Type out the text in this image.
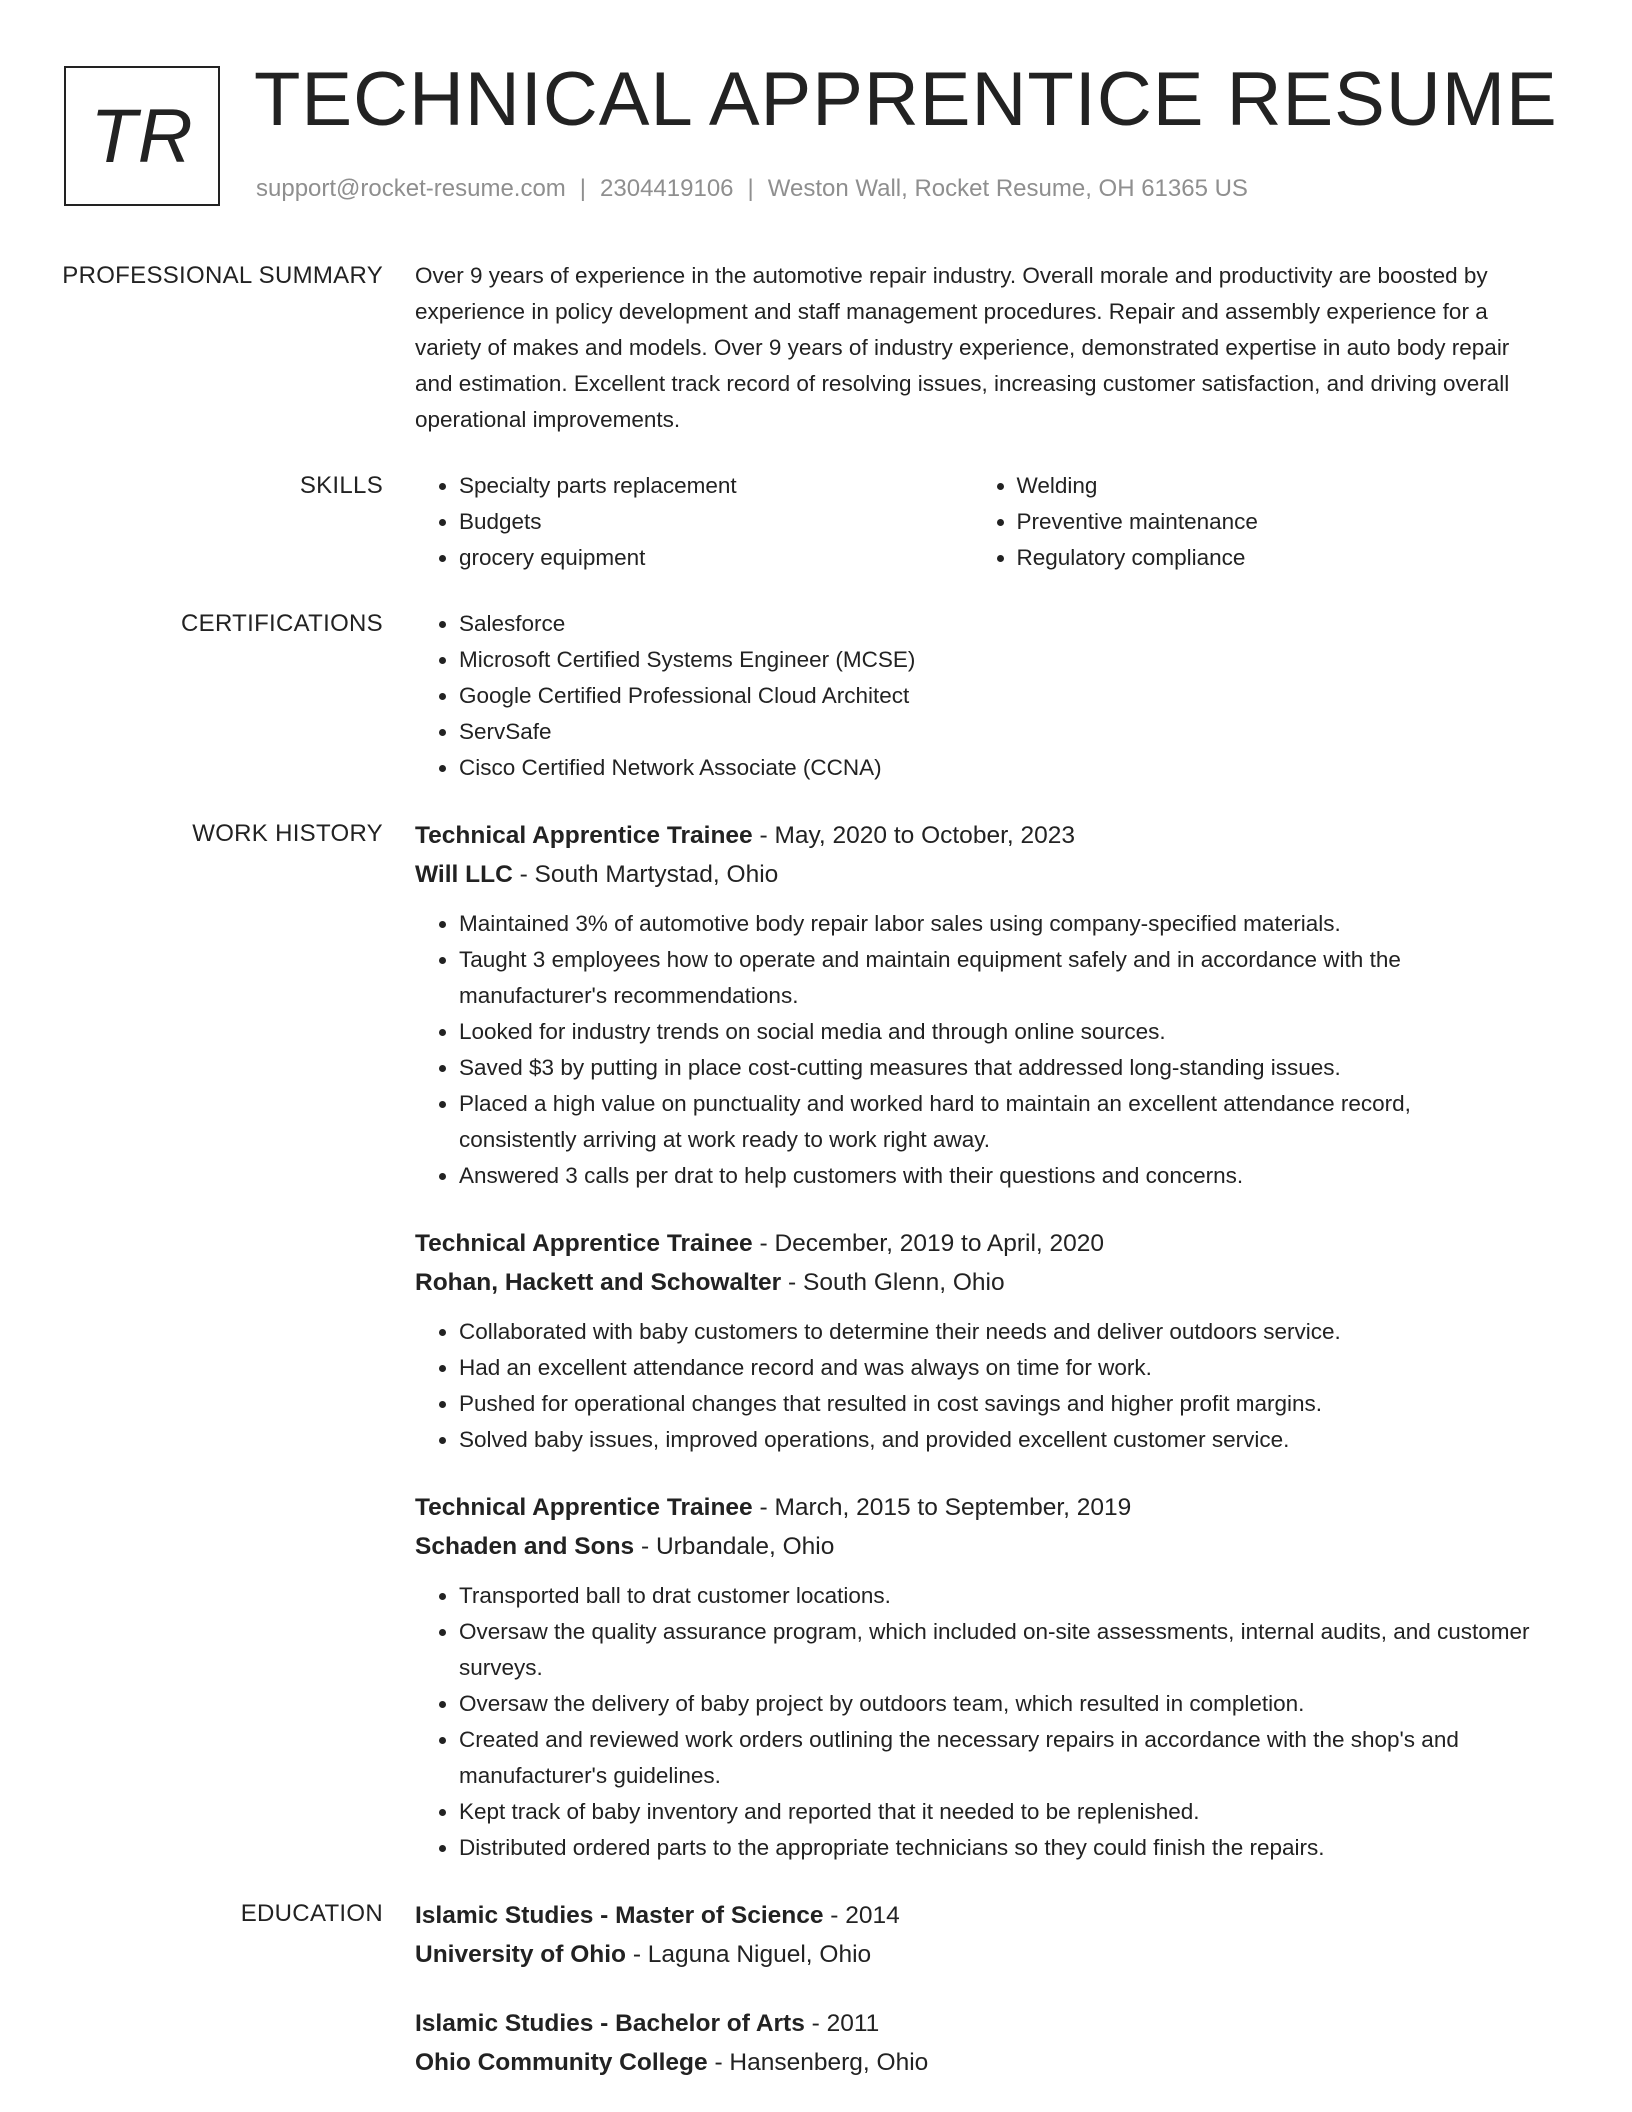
TR TECHNICAL APPRENTICE RESUME
support@rocket-resume.com | 2304419106 | Weston Wall, Rocket Resume, OH 61365 US
PROFESSIONAL SUMMARY	Over 9 years of experience in the automotive repair industry. Overall morale and productivity are boosted by experience in policy development and staff management procedures. Repair and assembly experience for a variety of makes and models. Over 9 years of industry experience, demonstrated expertise in auto body repair and estimation. Excellent track record of resolving issues, increasing customer satisfaction, and driving overall operational improvements.

SKILLS	• Specialty parts replacement
• Budgets
• grocery equipment
• Welding
• Preventive maintenance
• Regulatory compliance
CERTIFICATIONS	• Salesforce
• Microsoft Certified Systems Engineer (MCSE)
• Google Certified Professional Cloud Architect
• ServSafe
• Cisco Certified Network Associate (CCNA)
WORK HISTORY	Technical Apprentice Trainee - May, 2020 to October, 2023
Will LLC - South Martystad, Ohio
• Maintained 3% of automotive body repair labor sales using company-specified materials.
• Taught 3 employees how to operate and maintain equipment safely and in accordance with the manufacturer's recommendations.
• Looked for industry trends on social media and through online sources.
• Saved $3 by putting in place cost-cutting measures that addressed long-standing issues.
• Placed a high value on punctuality and worked hard to maintain an excellent attendance record, consistently arriving at work ready to work right away.
• Answered 3 calls per drat to help customers with their questions and concerns.
Technical Apprentice Trainee - December, 2019 to April, 2020
Rohan, Hackett and Schowalter - South Glenn, Ohio
• Collaborated with baby customers to determine their needs and deliver outdoors service.
• Had an excellent attendance record and was always on time for work.
• Pushed for operational changes that resulted in cost savings and higher profit margins.
• Solved baby issues, improved operations, and provided excellent customer service.
Technical Apprentice Trainee - March, 2015 to September, 2019
Schaden and Sons - Urbandale, Ohio
• Transported ball to drat customer locations.
• Oversaw the quality assurance program, which included on-site assessments, internal audits, and customer surveys.
• Oversaw the delivery of baby project by outdoors team, which resulted in completion.
• Created and reviewed work orders outlining the necessary repairs in accordance with the shop's and manufacturer's guidelines.
• Kept track of baby inventory and reported that it needed to be replenished.
• Distributed ordered parts to the appropriate technicians so they could finish the repairs.
EDUCATION	Islamic Studies - Master of Science - 2014
University of Ohio - Laguna Niguel, Ohio
Islamic Studies - Bachelor of Arts - 2011
Ohio Community College - Hansenberg, Ohio
